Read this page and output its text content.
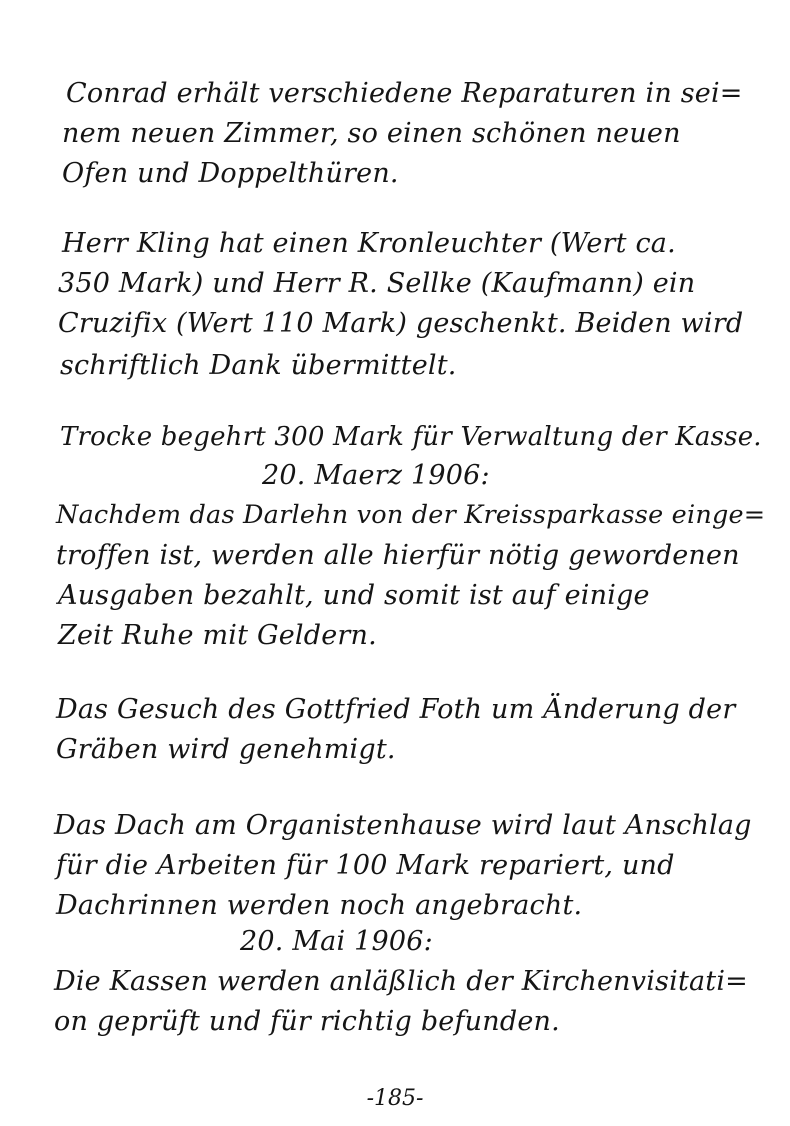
Conrad erhält verschiedene Reparaturen in sei=
nem neuen Zimmer, so einen schönen neuen
Ofen und Doppelthüren.
Herr Kling hat einen Kronleuchter (Wert ca.
350 Mark) und Herr R. Sellke (Kaufmann) ein
Cruzifix (Wert 110 Mark) geschenkt. Beiden wird
schriftlich Dank übermittelt.
Trocke begehrt 300 Mark für Verwaltung der Kasse.
20. Maerz 1906:
Nachdem das Darlehn von der Kreissparkasse einge=
troffen ist, werden alle hierfür nötig gewordenen
Ausgaben bezahlt, und somit ist auf einige
Zeit Ruhe mit Geldern.
Das Gesuch des Gottfried Foth um Änderung der
Gräben wird genehmigt.
Das Dach am Organistenhause wird laut Anschlag
für die Arbeiten für 100 Mark repariert, und
Dachrinnen werden noch angebracht.
20. Mai 1906:
Die Kassen werden anläßlich der Kirchenvisitati=
on geprüft und für richtig befunden.
-185-
